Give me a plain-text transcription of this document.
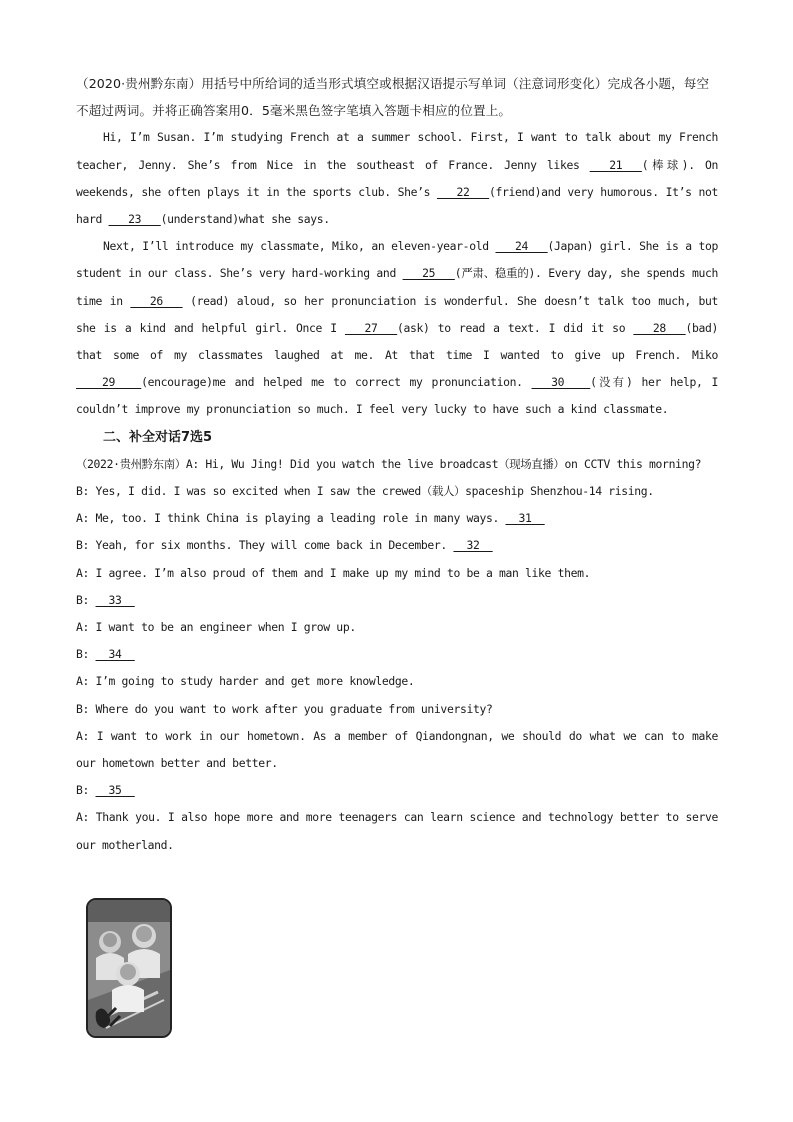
（2020·贵州黔东南）用括号中所给词的适当形式填空或根据汉语提示写单词（注意词形变化）完成各小题，每空不超过两词。并将正确答案用0．5毫米黑色签字笔填入答题卡相应的位置上。

Hi, I’m Susan. I’m studying French at a summer school. First, I want to talk about my French teacher, Jenny. She’s from Nice in the southeast of France. Jenny likes ___21___(棒球). On weekends, she often plays it in the sports club. She’s ___22___(friend)and very humorous. It’s not hard ___23___(understand)what she says.

Next, I’ll introduce my classmate, Miko, an eleven-year-old ___24___(Japan) girl. She is a top student in our class. She’s very hard-working and ___25___(严肃、稳重的). Every day, she spends much time in ___26___ (read) aloud, so her pronunciation is wonderful. She doesn’t talk too much, but she is a kind and helpful girl. Once I ___27___(ask) to read a text. I did it so ___28___(bad) that some of my classmates laughed at me. At that time I wanted to give up French. Miko ____29____(encourage)me and helped me to correct my pronunciation. ___30____(没有) her help, I couldn’t improve my pronunciation so much. I feel very lucky to have such a kind classmate.

二、补全对话7选5

（2022·贵州黔东南）A: Hi, Wu Jing! Did you watch the live broadcast（现场直播）on CCTV this morning?

B: Yes, I did. I was so excited when I saw the crewed（载人）spaceship Shenzhou-14 rising.

A: Me, too. I think China is playing a leading role in many ways. __31__

B: Yeah, for six months. They will come back in December. __32__

A: I agree. I’m also proud of them and I make up my mind to be a man like them.

B: __33__

A: I want to be an engineer when I grow up.

B: __34__

A: I’m going to study harder and get more knowledge.

B: Where do you want to work after you graduate from university?

A: I want to work in our hometown. As a member of Qiandongnan, we should do what we can to make our hometown better and better.

B: __35__

A: Thank you. I also hope more and more teenagers can learn science and technology better to serve our motherland.
